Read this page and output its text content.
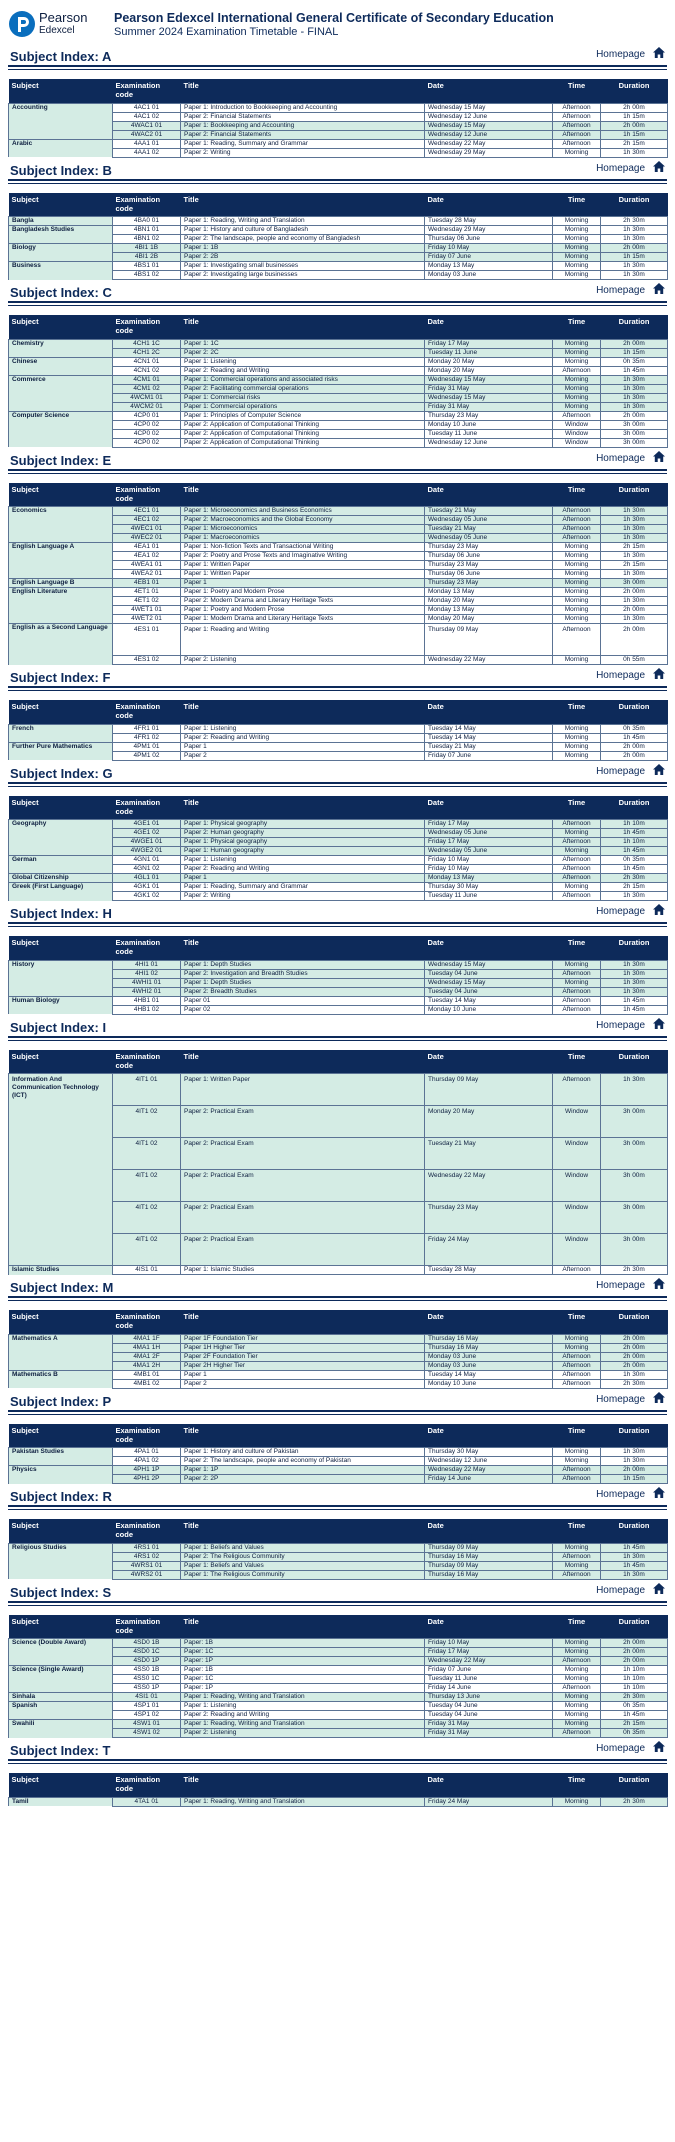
Pearson
Edexcel
Pearson Edexcel International General Certificate of Secondary Education
Summer 2024 Examination Timetable - FINAL
Subject Index: A	Homepage
Subject	Examination code	Title	Date	Time	Duration
Accounting	4AC1 01	Paper 1: Introduction to Bookkeeping and Accounting	Wednesday 15 May	Afternoon	2h 00m
	4AC1 02	Paper 2: Financial Statements	Wednesday 12 June	Afternoon	1h 15m
	4WAC1 01	Paper 1: Bookkeeping and Accounting	Wednesday 15 May	Afternoon	2h 00m
	4WAC2 01	Paper 2: Financial Statements	Wednesday 12 June	Afternoon	1h 15m
Arabic	4AA1 01	Paper 1: Reading, Summary and Grammar	Wednesday 22 May	Afternoon	2h 15m
	4AA1 02	Paper 2: Writing	Wednesday 29 May	Morning	1h 30m
Subject Index: B	Homepage
Subject	Examination code	Title	Date	Time	Duration
Bangla	4BA0 01	Paper 1: Reading, Writing and Translation	Tuesday 28 May	Morning	2h 30m
Bangladesh Studies	4BN1 01	Paper 1: History and culture of Bangladesh	Wednesday 29 May	Morning	1h 30m
	4BN1 02	Paper 2: The landscape, people and economy of Bangladesh	Thursday 06 June	Morning	1h 30m
Biology	4BI1 1B	Paper 1: 1B	Friday 10 May	Morning	2h 00m
	4BI1 2B	Paper 2: 2B	Friday 07 June	Morning	1h 15m
Business	4BS1 01	Paper 1: Investigating small businesses	Monday 13 May	Morning	1h 30m
	4BS1 02	Paper 2: Investigating large businesses	Monday 03 June	Morning	1h 30m
Subject Index: C	Homepage
Subject	Examination code	Title	Date	Time	Duration
Chemistry	4CH1 1C	Paper 1: 1C	Friday 17 May	Morning	2h 00m
	4CH1 2C	Paper 2: 2C	Tuesday 11 June	Morning	1h 15m
Chinese	4CN1 01	Paper 1: Listening	Monday 20 May	Morning	0h 35m
	4CN1 02	Paper 2: Reading and Writing	Monday 20 May	Afternoon	1h 45m
Commerce	4CM1 01	Paper 1: Commercial operations and associated risks	Wednesday 15 May	Morning	1h 30m
	4CM1 02	Paper 2: Facilitating commercial operations	Friday 31 May	Morning	1h 30m
	4WCM1 01	Paper 1: Commercial risks	Wednesday 15 May	Morning	1h 30m
	4WCM2 01	Paper 1: Commercial operations	Friday 31 May	Morning	1h 30m
Computer Science	4CP0 01	Paper 1: Principles of Computer Science	Thursday 23 May	Afternoon	2h 00m
	4CP0 02	Paper 2: Application of Computational Thinking	Monday 10 June	Window	3h 00m
	4CP0 02	Paper 2: Application of Computational Thinking	Tuesday 11 June	Window	3h 00m
	4CP0 02	Paper 2: Application of Computational Thinking	Wednesday 12 June	Window	3h 00m
Subject Index: E	Homepage
Subject	Examination code	Title	Date	Time	Duration
Economics	4EC1 01	Paper 1: Microeconomics and Business Economics	Tuesday 21 May	Afternoon	1h 30m
	4EC1 02	Paper 2: Macroeconomics and the Global Economy	Wednesday 05 June	Afternoon	1h 30m
	4WEC1 01	Paper 1: Microeconomics	Tuesday 21 May	Afternoon	1h 30m
	4WEC2 01	Paper 1: Macroeconomics	Wednesday 05 June	Afternoon	1h 30m
English Language A	4EA1 01	Paper 1: Non-fiction Texts and Transactional Writing	Thursday 23 May	Morning	2h 15m
	4EA1 02	Paper 2: Poetry and Prose Texts and Imaginative Writing	Thursday 06 June	Morning	1h 30m
	4WEA1 01	Paper 1: Written Paper	Thursday 23 May	Morning	2h 15m
	4WEA2 01	Paper 1: Written Paper	Thursday 06 June	Morning	1h 30m
English Language B	4EB1 01	Paper 1	Thursday 23 May	Morning	3h 00m
English Literature	4ET1 01	Paper 1: Poetry and Modern Prose	Monday 13 May	Morning	2h 00m
	4ET1 02	Paper 2: Modern Drama and Literary Heritage Texts	Monday 20 May	Morning	1h 30m
	4WET1 01	Paper 1: Poetry and Modern Prose	Monday 13 May	Morning	2h 00m
	4WET2 01	Paper 1: Modern Drama and Literary Heritage Texts	Monday 20 May	Morning	1h 30m
English as a Second Language	4ES1 01	Paper 1: Reading and Writing	Thursday 09 May	Afternoon	2h 00m
	4ES1 02	Paper 2: Listening	Wednesday 22 May	Morning	0h 55m
Subject Index: F	Homepage
Subject	Examination code	Title	Date	Time	Duration
French	4FR1 01	Paper 1: Listening	Tuesday 14 May	Morning	0h 35m
	4FR1 02	Paper 2: Reading and Writing	Tuesday 14 May	Morning	1h 45m
Further Pure Mathematics	4PM1 01	Paper 1	Tuesday 21 May	Morning	2h 00m
	4PM1 02	Paper 2	Friday 07 June	Morning	2h 00m
Subject Index: G	Homepage
Subject	Examination code	Title	Date	Time	Duration
Geography	4GE1 01	Paper 1: Physical geography	Friday 17 May	Afternoon	1h 10m
	4GE1 02	Paper 2: Human geography	Wednesday 05 June	Morning	1h 45m
	4WGE1 01	Paper 1: Physical geography	Friday 17 May	Afternoon	1h 10m
	4WGE2 01	Paper 1: Human geography	Wednesday 05 June	Morning	1h 45m
German	4GN1 01	Paper 1: Listening	Friday 10 May	Afternoon	0h 35m
	4GN1 02	Paper 2: Reading and Writing	Friday 10 May	Afternoon	1h 45m
Global Citizenship	4GL1 01	Paper 1	Monday 13 May	Afternoon	2h 30m
Greek (First Language)	4GK1 01	Paper 1: Reading, Summary and Grammar	Thursday 30 May	Morning	2h 15m
	4GK1 02	Paper 2: Writing	Tuesday 11 June	Afternoon	1h 30m
Subject Index: H	Homepage
Subject	Examination code	Title	Date	Time	Duration
History	4HI1 01	Paper 1: Depth Studies	Wednesday 15 May	Morning	1h 30m
	4HI1 02	Paper 2: Investigation and Breadth Studies	Tuesday 04 June	Afternoon	1h 30m
	4WHI1 01	Paper 1: Depth Studies	Wednesday 15 May	Morning	1h 30m
	4WHI2 01	Paper 2: Breadth Studies	Tuesday 04 June	Afternoon	1h 30m
Human Biology	4HB1 01	Paper 01	Tuesday 14 May	Afternoon	1h 45m
	4HB1 02	Paper 02	Monday 10 June	Afternoon	1h 45m
Subject Index: I	Homepage
Subject	Examination code	Title	Date	Time	Duration
Information And Communication Technology (ICT)	4IT1 01	Paper 1: Written Paper	Thursday 09 May	Afternoon	1h 30m
	4IT1 02	Paper 2: Practical Exam	Monday 20 May	Window	3h 00m
	4IT1 02	Paper 2: Practical Exam	Tuesday 21 May	Window	3h 00m
	4IT1 02	Paper 2: Practical Exam	Wednesday 22 May	Window	3h 00m
	4IT1 02	Paper 2: Practical Exam	Thursday 23 May	Window	3h 00m
	4IT1 02	Paper 2: Practical Exam	Friday 24 May	Window	3h 00m
Islamic Studies	4IS1 01	Paper 1: Islamic Studies	Tuesday 28 May	Afternoon	2h 30m
Subject Index: M	Homepage
Subject	Examination code	Title	Date	Time	Duration
Mathematics A	4MA1 1F	Paper 1F Foundation Tier	Thursday 16 May	Morning	2h 00m
	4MA1 1H	Paper 1H Higher Tier	Thursday 16 May	Morning	2h 00m
	4MA1 2F	Paper 2F Foundation Tier	Monday 03 June	Afternoon	2h 00m
	4MA1 2H	Paper 2H Higher Tier	Monday 03 June	Afternoon	2h 00m
Mathematics B	4MB1 01	Paper 1	Tuesday 14 May	Afternoon	1h 30m
	4MB1 02	Paper 2	Monday 10 June	Afternoon	2h 30m
Subject Index: P	Homepage
Subject	Examination code	Title	Date	Time	Duration
Pakistan Studies	4PA1 01	Paper 1: History and culture of Pakistan	Thursday 30 May	Morning	1h 30m
	4PA1 02	Paper 2: The landscape, people and economy of Pakistan	Wednesday 12 June	Morning	1h 30m
Physics	4PH1 1P	Paper 1: 1P	Wednesday 22 May	Afternoon	2h 00m
	4PH1 2P	Paper 2: 2P	Friday 14 June	Afternoon	1h 15m
Subject Index: R	Homepage
Subject	Examination code	Title	Date	Time	Duration
Religious Studies	4RS1 01	Paper 1: Beliefs and Values	Thursday 09 May	Morning	1h 45m
	4RS1 02	Paper 2: The Religious Community	Thursday 16 May	Afternoon	1h 30m
	4WRS1 01	Paper 1: Beliefs and Values	Thursday 09 May	Morning	1h 45m
	4WRS2 01	Paper 1: The Religious Community	Thursday 16 May	Afternoon	1h 30m
Subject Index: S	Homepage
Subject	Examination code	Title	Date	Time	Duration
Science (Double Award)	4SD0 1B	Paper: 1B	Friday 10 May	Morning	2h 00m
	4SD0 1C	Paper: 1C	Friday 17 May	Morning	2h 00m
	4SD0 1P	Paper: 1P	Wednesday 22 May	Afternoon	2h 00m
Science (Single Award)	4SS0 1B	Paper: 1B	Friday 07 June	Morning	1h 10m
	4SS0 1C	Paper: 1C	Tuesday 11 June	Morning	1h 10m
	4SS0 1P	Paper: 1P	Friday 14 June	Afternoon	1h 10m
Sinhala	4SI1 01	Paper 1: Reading, Writing and Translation	Thursday 13 June	Morning	2h 30m
Spanish	4SP1 01	Paper 1: Listening	Tuesday 04 June	Morning	0h 35m
	4SP1 02	Paper 2: Reading and Writing	Tuesday 04 June	Morning	1h 45m
Swahili	4SW1 01	Paper 1: Reading, Writing and Translation	Friday 31 May	Morning	2h 15m
	4SW1 02	Paper 2: Listening	Friday 31 May	Afternoon	0h 35m
Subject Index: T	Homepage
Subject	Examination code	Title	Date	Time	Duration
Tamil	4TA1 01	Paper 1: Reading, Writing and Translation	Friday 24 May	Morning	2h 30m
